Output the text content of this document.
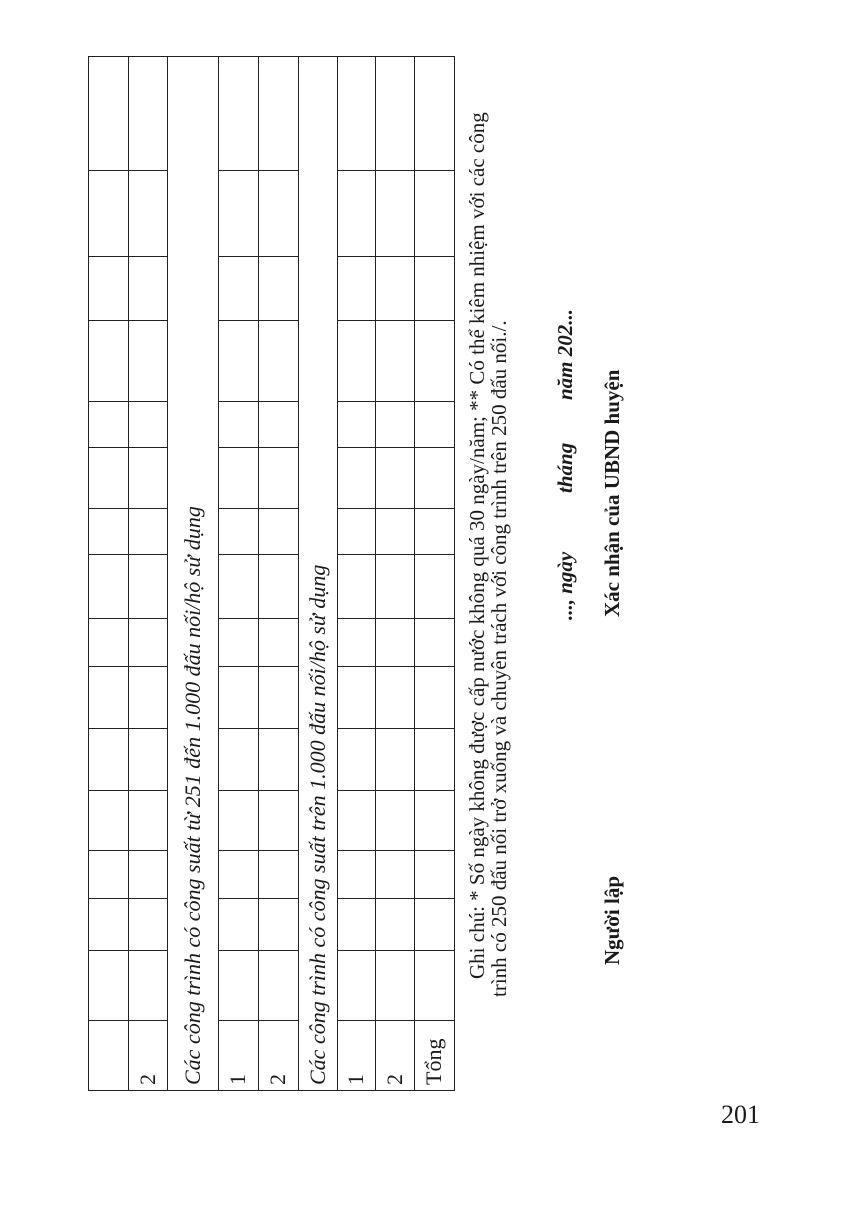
2 Các công trình có công suất từ 251 đến 1.000 đấu nối/hộ sử dụng 1 2 Các công trình có công suất trên 1.000 đấu nối/hộ sử dụng 1 2 Tổng
Ghi chú: * Số ngày không được cấp nước không quá 30 ngày/năm; ** Có thể kiêm nhiệm với các công trình có 250 đấu nối trở xuống và chuyên trách với công trình trên 250 đấu nối./. ..., ngày
tháng
năm 202...
Người lập
Xác nhận của UBND huyện
201
